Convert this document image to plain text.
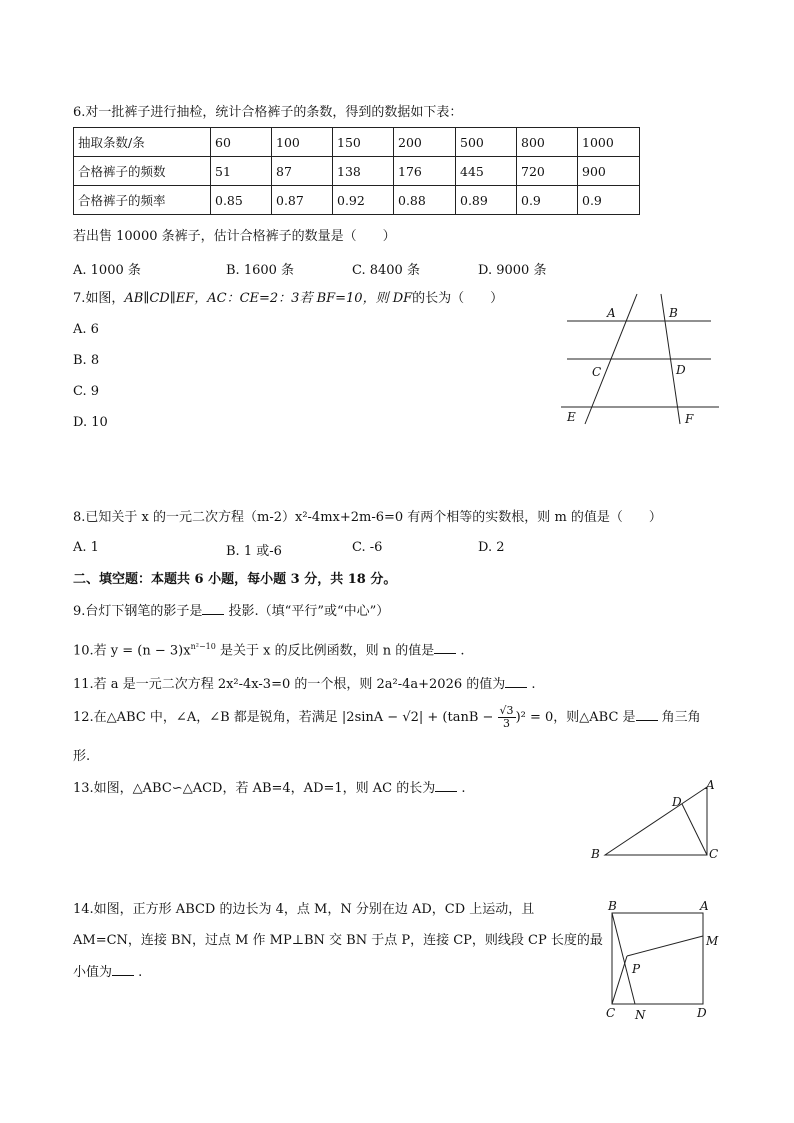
6.对一批裤子进行抽检，统计合格裤子的条数，得到的数据如下表：
抽取条数/条	60	100	150	200	500	800	1000
合格裤子的频数	51	87	138	176	445	720	900
合格裤子的频率	0.85	0.87	0.92	0.88	0.89	0.9	0.9
若出售 10000 条裤子，估计合格裤子的数量是（　　）
A. 1000 条	B. 1600 条	C. 8400 条	D. 9000 条
7.如图，AB∥CD∥EF，AC：CE=2：3若 BF=10，则 DF的长为（　　）
A. 6
B. 8
C. 9
D. 10
A	B
C	D
E	F
8.已知关于 x 的一元二次方程（m-2）x²-4mx+2m-6=0 有两个相等的实数根，则 m 的值是（　　）
A. 1	B. 1 或-6	C. -6	D. 2
二、填空题：本题共 6 小题，每小题 3 分，共 18 分。
9.台灯下钢笔的影子是 投影.（填“平行”或“中心”）
10.若 $y = (n - 3)x^{n^2-10}$ 是关于 x 的反比例函数，则 n 的值是 .
11.若 a 是一元二次方程 2x²-4x-3=0 的一个根，则 2a²-4a+2026 的值为 .
12.在△ABC 中，∠A，∠B 都是锐角，若满足 $|2\sin A - √2| + (\tan B - \frac{√3}{3} )^2 = 0$，则△ABC 是 角三角
形.
13.如图，△ABC∽△ACD，若 AB=4，AD=1，则 AC 的长为 .	A
B	C
D
14.如图，正方形 ABCD 的边长为 4，点 M，N 分别在边 AD，CD 上运动，且
AM=CN，连接 BN，过点 M 作 MP⊥BN 交 BN 于点 P，连接 CP，则线段 CP 长度的最
小值为 .
B	A
M
P
C N	D
